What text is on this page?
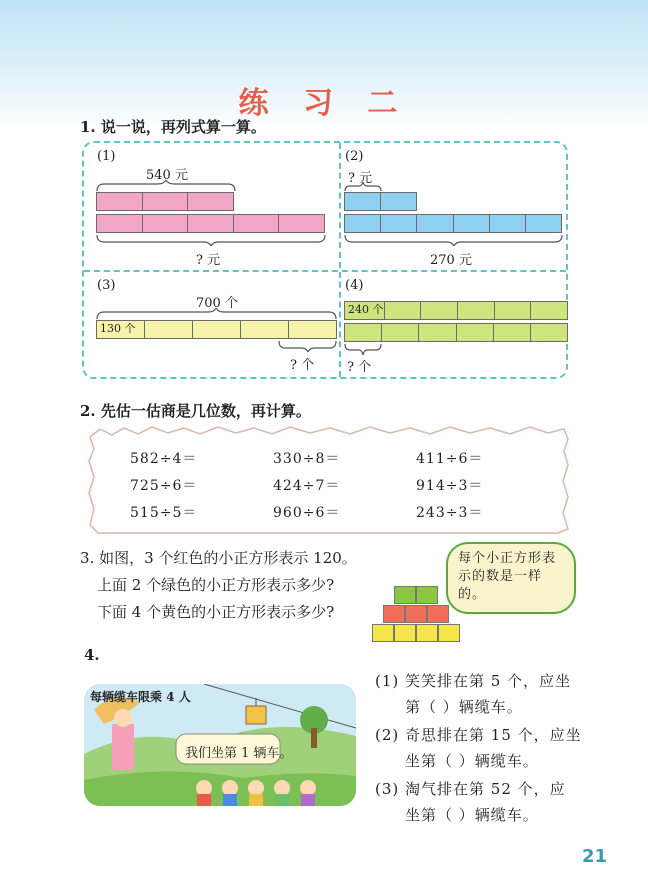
练 习 二
1. 说一说，再列式算一算。
(1)
540 元
? 元
(2)
? 元
270 元
(3)
700 个
130 个
? 个
(4)
240 个
? 个
2. 先估一估商是几位数，再计算。
582÷4＝	330÷8＝	411÷6＝
725÷6＝	424÷7＝	914÷3＝
515÷5＝	960÷6＝	243÷3＝
3. 如图，3 个红色的小正方形表示 120。
上面 2 个绿色的小正方形表示多少?
下面 4 个黄色的小正方形表示多少?
每个小正方形表示的数是一样的。
4.
每辆缆车限乘 4 人
我们坐第 1 辆车。
(1) 笑笑排在第 5 个，应坐
第（ ）辆缆车。
(2) 奇思排在第 15 个，应坐
坐第（ ）辆缆车。
(3) 淘气排在第 52 个，应
坐第（ ）辆缆车。
21
